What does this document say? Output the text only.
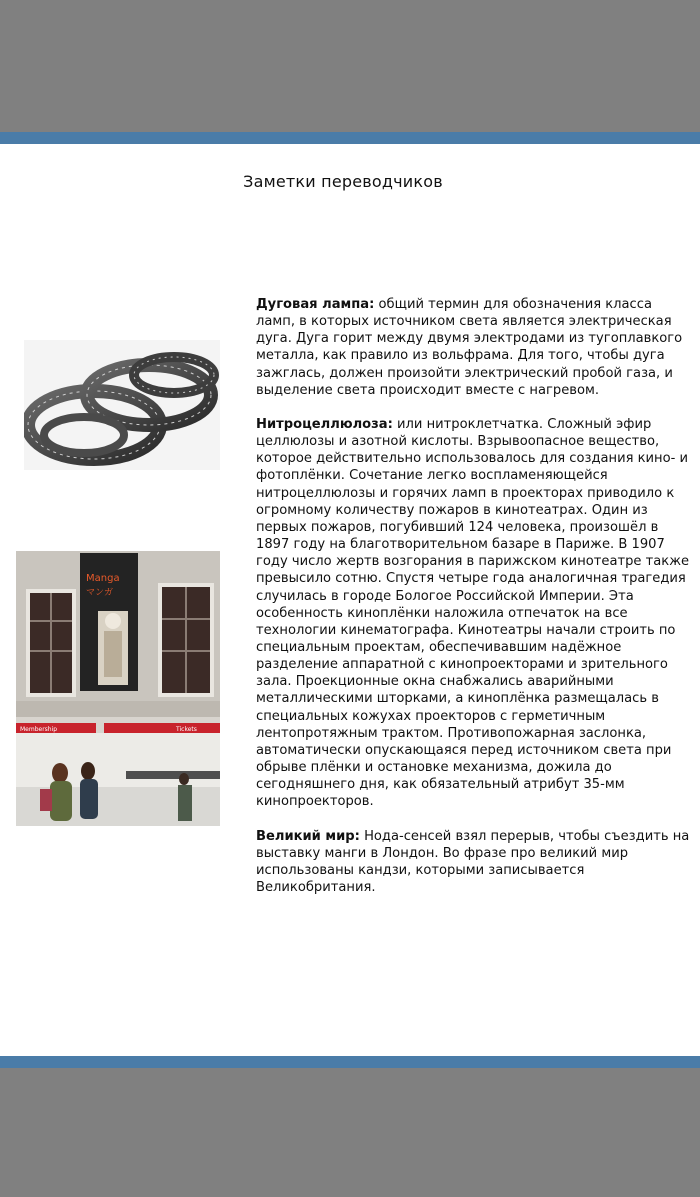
Заметки переводчиков
Manga
マンガ
Membership	Tickets

Дуговая лампа: общий термин для обозначения класса ламп, в которых источником света является электрическая дуга. Дуга горит между двумя электродами из тугоплавкого металла, как правило из вольфрама. Для того, чтобы дуга зажглась, должен произойти электрический пробой газа, и выделение света происходит вместе с нагревом.

Нитроцеллюлоза: или нитроклетчатка. Сложный эфир целлюлозы и азотной кислоты. Взрывоопасное вещество, которое действительно использовалось для создания кино- и фотоплёнки. Сочетание легко воспламеняющейся нитроцеллюлозы и горячих ламп в проекторах приводило к огромному количеству пожаров в кинотеатрах. Один из первых пожаров, погубивший 124 человека, произошёл в 1897 году на благотворительном базаре в Париже. В 1907 году число жертв возгорания в парижском кинотеатре также превысило сотню. Спустя четыре года аналогичная трагедия случилась в городе Бологое Российской Империи. Эта особенность киноплёнки наложила отпечаток на все технологии кинематографа. Кинотеатры начали строить по специальным проектам, обеспечивавшим надёжное разделение аппаратной с кинопроекторами и зрительного зала. Проекционные окна снабжались аварийными металлическими шторками, а киноплёнка размещалась в специальных кожухах проекторов с герметичным лентопротяжным трактом. Противопожарная заслонка, автоматически опускающаяся перед источником света при обрыве плёнки и остановке механизма, дожила до сегодняшнего дня, как обязательный атрибут 35-мм кинопроекторов.

Великий мир: Нода-сенсей взял перерыв, чтобы съездить на выставку манги в Лондон. Во фразе про великий мир использованы кандзи, которыми записывается Великобритания.
